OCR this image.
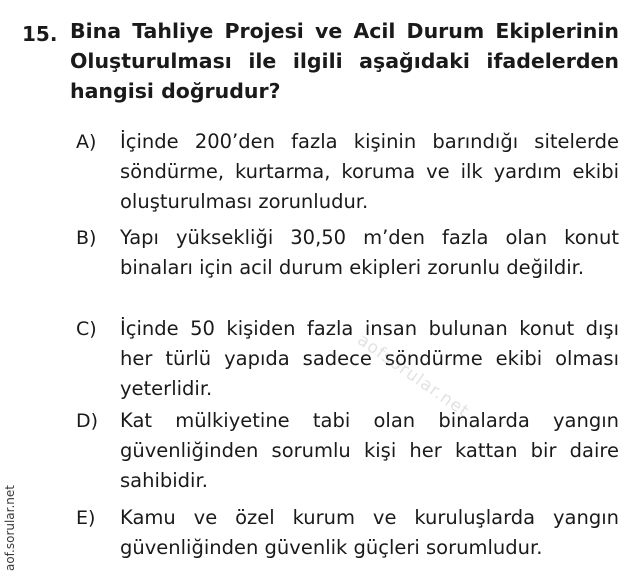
15. Bina Tahliye Projesi ve Acil Durum Ekiplerinin Oluşturulması ile ilgili aşağıdaki ifadelerden hangisi doğrudur?
A) İçinde 200’den fazla kişinin barındığı sitelerde söndürme, kurtarma, koruma ve ilk yardım ekibi oluşturulması zorunludur.
B) Yapı yüksekliği 30,50 m’den fazla olan konut binaları için acil durum ekipleri zorunlu değildir.
C) İçinde 50 kişiden fazla insan bulunan konut dışı her türlü yapıda sadece söndürme ekibi olması yeterlidir.
D) Kat mülkiyetine tabi olan binalarda yangın güvenliğinden sorumlu kişi her kattan bir daire sahibidir.
E) Kamu ve özel kurum ve kuruluşlarda yangın güvenliğinden güvenlik güçleri sorumludur.
aofsorular.net
aof.sorular.net
